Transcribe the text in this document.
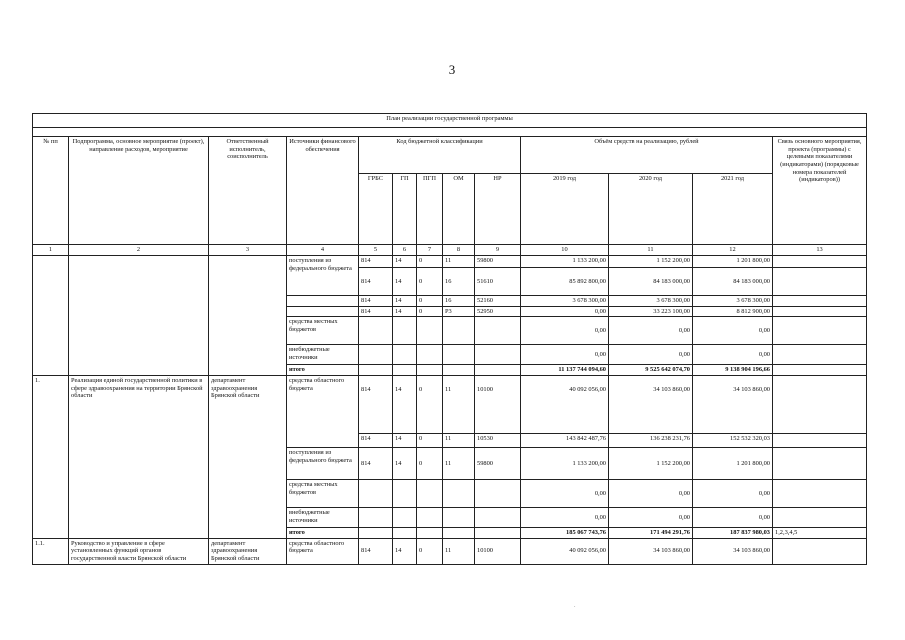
3
План реализации государственной программы												

№ пп	Подпрограмма, основное мероприятие (проект), направление расходов, мероприятие	Ответственный исполнитель, соисполнитель	Источники финансового обеспечения	Код бюджетной классификации					Объём средств на реализацию, рублей			Связь основного мероприятия, проекта (программы) с целевыми показателями (индикаторами) (порядковые номера показателей (индикаторов))
				ГРБС	ГП	ПГП	ОМ	НР	2019 год	2020 год	2021 год	
1	2	3	4	5	6	7	8	9	10	11	12	13
			поступления из федерального бюджета	814	14	0	11	59800	1 133 200,00	1 152 200,00	1 201 800,00	
				814	14	0	16	51610	85 892 800,00	84 183 000,00	84 183 000,00	
				814	14	0	16	52160	3 678 300,00	3 678 300,00	3 678 300,00	
				814	14	0	Р3	52950	0,00	33 223 100,00	8 812 900,00	
			средства местных бюджетов						0,00	0,00	0,00	
			внебюджетные источники						0,00	0,00	0,00	
			итого						11 137 744 094,60	9 525 642 074,70	9 138 904 196,66	

1.	Реализация единой государственной политики в сфере здравоохранения на территории Брянской области	департамент здравоохранения Брянской области	средства областного бюджета	814	14	0	11	10100	40 092 056,00	34 103 860,00	34 103 860,00	
				814	14	0	11	10530	143 842 487,76	136 238 231,76	152 532 320,03	
			поступления из федерального бюджета	814	14	0	11	59800	1 133 200,00	1 152 200,00	1 201 800,00	
			средства местных бюджетов						0,00	0,00	0,00	
			внебюджетные источники						0,00	0,00	0,00	
			итого						185 067 743,76	171 494 291,76	187 837 980,03	1,2,3,4,5

1.1.	Руководство и управление в сфере установленных функций органов государственной власти Брянской области	департамент здравоохранения Брянской области	средства областного бюджета	814	14	0	11	10100	40 092 056,00	34 103 860,00	34 103 860,00	
.
